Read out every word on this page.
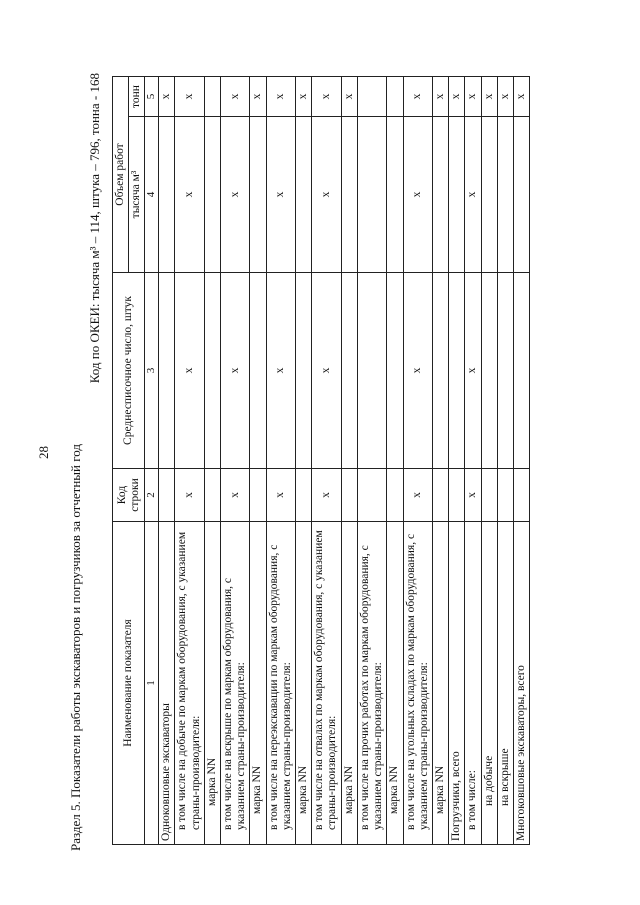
28 Раздел 5. Показатели работы экскаваторов и погрузчиков за отчетный год
Код по ОКЕИ: тысяча м³ – 114, штука – 796, тонна - 168
Наименование показателя	Код строки	Среднесписочное число, штук	Объем работ	
			тысяча м³	тонн
1	2	3	4	5
Одноковшовые экскаваторы				x
в том числе на добыче по маркам оборудования, с указанием страны-производителя:	x	x	x	x
марка NN				
в том числе на вскрыше по маркам оборудования, с указанием страны-производителя:	x	x	x	x
марка NN				x
в том числе на переэкскавации по маркам оборудования, с указанием страны-производителя:	x	x	x	x
марка NN				x
в том числе на отвалах по маркам оборудования, с указанием страны-производителя:	x	x	x	x
марка NN				x
в том числе на прочих работах по маркам оборудования, с указанием страны-производителя:				
марка NN				
в том числе на угольных складах по маркам оборудования, с указанием страны-производителя:	x	x	x	x
марка NN				x
Погрузчики, всего				x
в том числе:	x	x	x	x
на добыче				x
на вскрыше				x
Многоковшовые экскаваторы, всего				x
